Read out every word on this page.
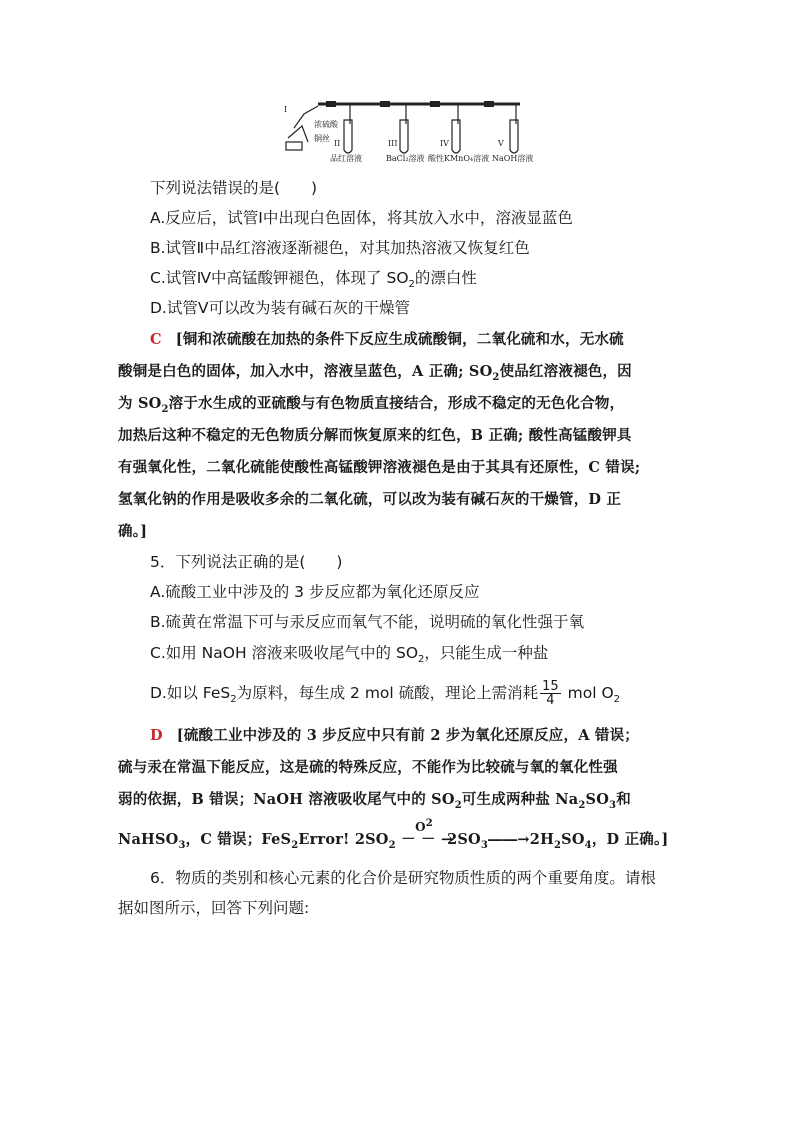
I
浓硫酸
铜丝
II	III	IV	V
品红溶液	BaCl₂溶液 酸性KMnO₄溶液 NaOH溶液
下列说法错误的是(　　)
A.反应后，试管Ⅰ中出现白色固体，将其放入水中，溶液显蓝色
B.试管Ⅱ中品红溶液逐渐褪色，对其加热溶液又恢复红色
C.试管Ⅳ中高锰酸钾褪色，体现了 $SO_2$的漂白性
D.试管Ⅴ可以改为装有碱石灰的干燥管
C [铜和浓硫酸在加热的条件下反应生成硫酸铜，二氧化硫和水，无水硫
酸铜是白色的固体，加入水中，溶液呈蓝色，A 正确; $SO_2$使品红溶液褪色，因
为 $SO_2$溶于水生成的亚硫酸与有色物质直接结合，形成不稳定的无色化合物，
加热后这种不稳定的无色物质分解而恢复原来的红色，B 正确; 酸性高锰酸钾具
有强氧化性，二氧化硫能使酸性高锰酸钾溶液褪色是由于其具有还原性，C 错误;
氢氧化钠的作用是吸收多余的二氧化硫，可以改为装有碱石灰的干燥管，D 正
确。]
5．下列说法正确的是(　　)
A.硫酸工业中涉及的 3 步反应都为氧化还原反应
B.硫黄在常温下可与汞反应而氧气不能，说明硫的氧化性强于氧
C.如用 NaOH 溶液来吸收尾气中的 $SO_2$，只能生成一种盐
D.如以 FeS$_2$为原料，每生成 2 mol 硫酸，理论上需消耗 $\frac{15}{4}$ mol $O_2$
D [硫酸工业中涉及的 3 步反应中只有前 2 步为氧化还原反应，A 错误；
硫与汞在常温下能反应，这是硫的特殊反应，不能作为比较硫与氧的氧化性强
弱的依据，B 错误；NaOH 溶液吸收尾气中的 $SO_2$可生成两种盐 $Na_2SO_3$和
NaHSO$_3$，C 错误；FeS$_2$Error! $2SO_2$
$O^2$
－ － $\to 2SO_3――\to 2H_2SO_4$，D 正确。]
6．物质的类别和核心元素的化合价是研究物质性质的两个重要角度。请根
据如图所示，回答下列问题:
